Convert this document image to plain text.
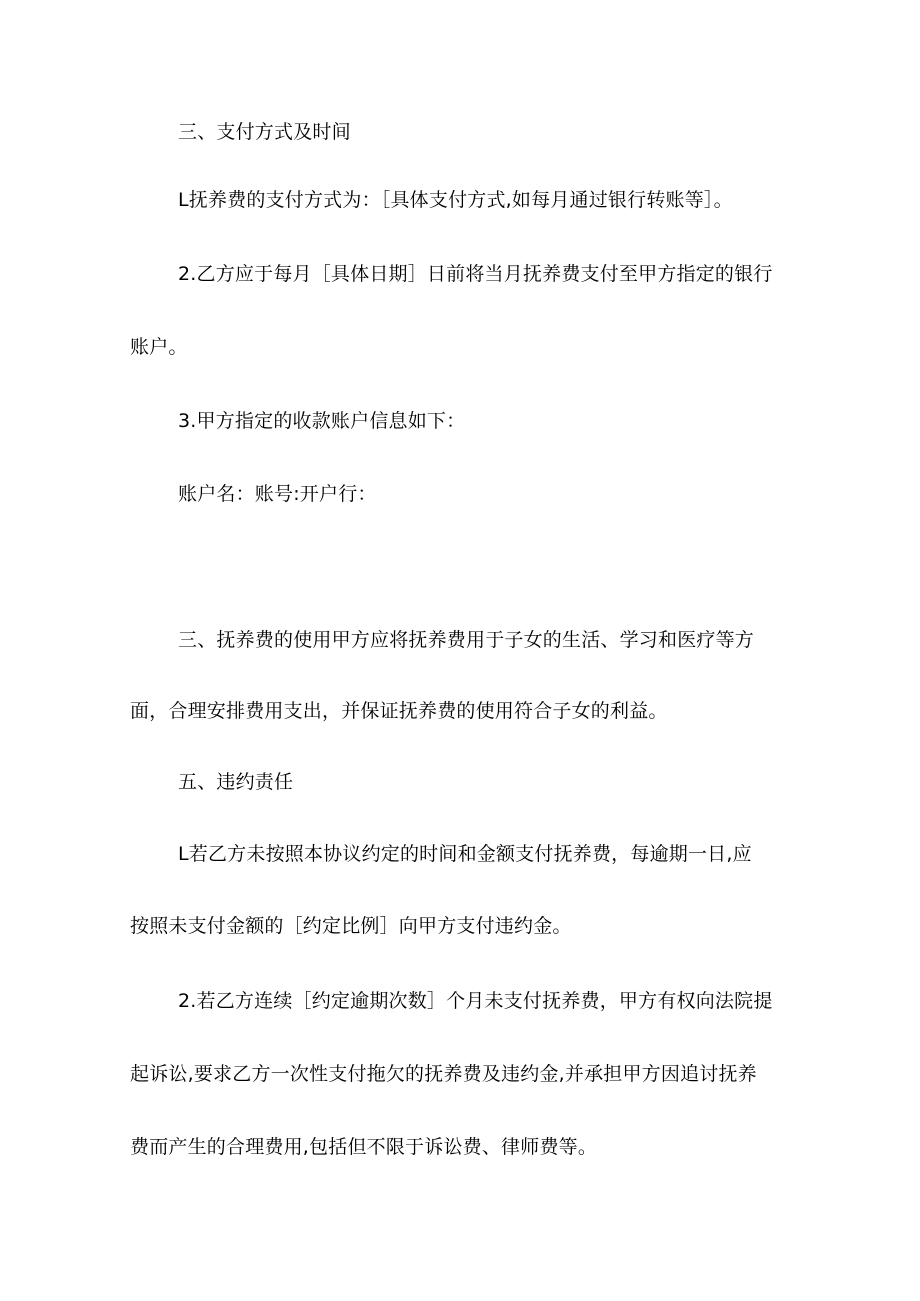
三、支付方式及时间
L抚养费的支付方式为：［具体支付方式,如每月通过银行转账等］。
2.乙方应于每月［具体日期］日前将当月抚养费支付至甲方指定的银行
账户。
3.甲方指定的收款账户信息如下：
账户名：账号:开户行：
三、抚养费的使用甲方应将抚养费用于子女的生活、学习和医疗等方
面，合理安排费用支出，并保证抚养费的使用符合子女的利益。
五、违约责任
L若乙方未按照本协议约定的时间和金额支付抚养费，每逾期一日,应
按照未支付金额的［约定比例］向甲方支付违约金。
2.若乙方连续［约定逾期次数］个月未支付抚养费，甲方有权向法院提
起诉讼,要求乙方一次性支付拖欠的抚养费及违约金,并承担甲方因追讨抚养
费而产生的合理费用,包括但不限于诉讼费、律师费等。
